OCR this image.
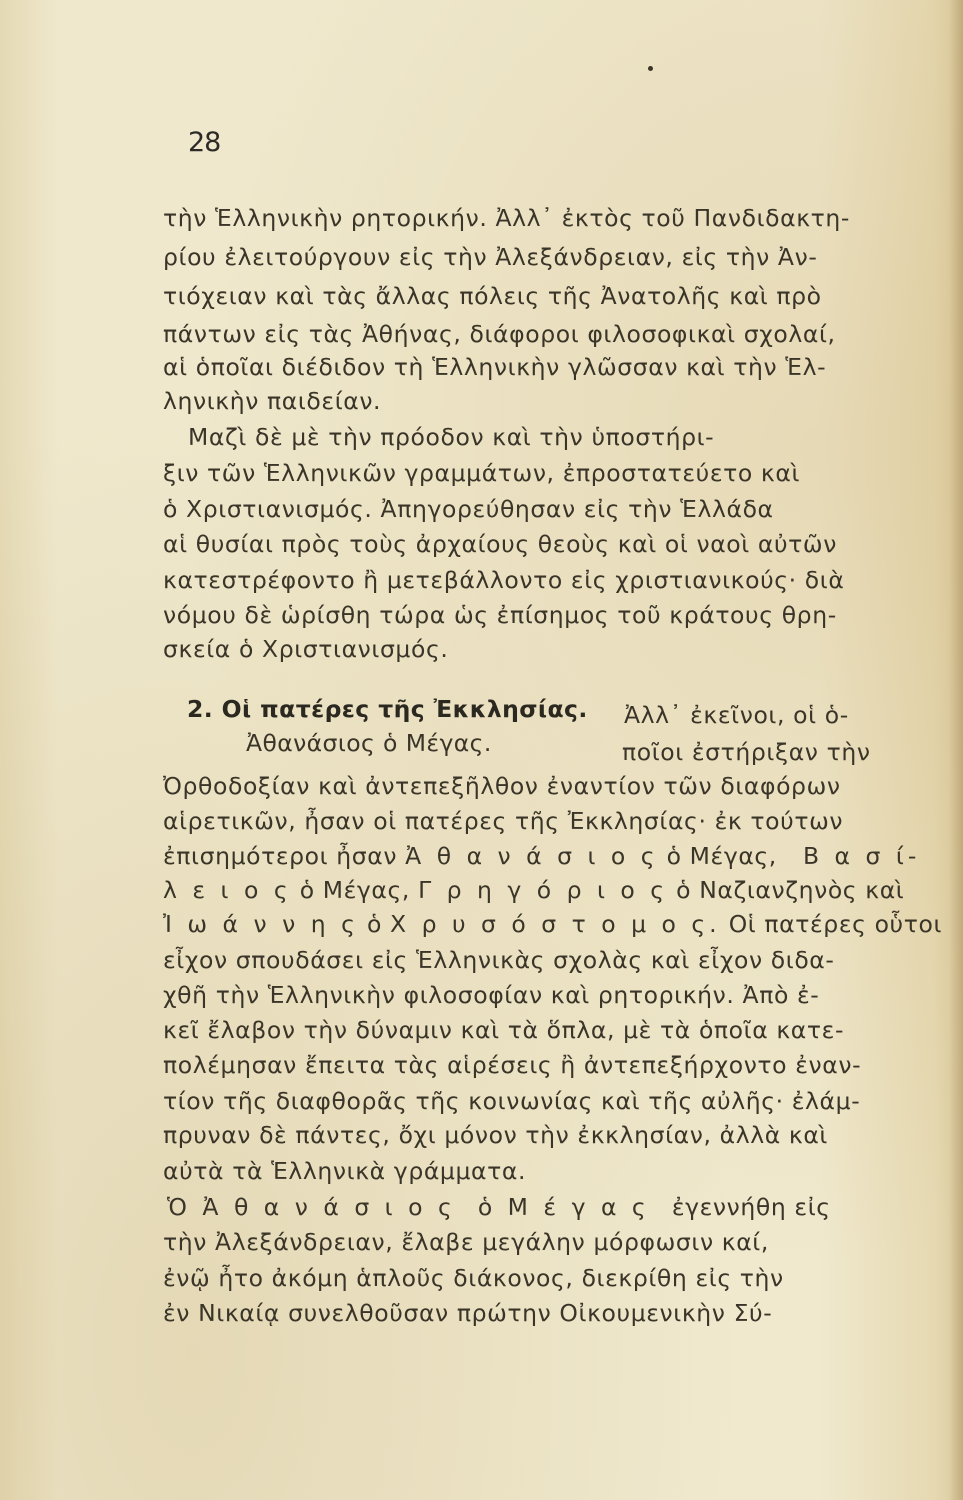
28
τὴν Ἑλληνικὴν ρητορικήν. Ἀλλ᾽ ἐκτὸς τοῦ Πανδιδακτη-
ρίου ἐλειτούργουν εἰς τὴν Ἀλεξάνδρειαν, εἰς τὴν Ἀν-
τιόχειαν καὶ τὰς ἄλλας πόλεις τῆς Ἀνατολῆς καὶ πρὸ
πάντων εἰς τὰς Ἀθήνας, διάφοροι φιλοσοφικαὶ σχολαί,
αἱ ὁποῖαι διέδιδον τὴ Ἑλληνικὴν γλῶσσαν καὶ τὴν Ἑλ-
ληνικὴν παιδείαν.
Μαζὶ δὲ μὲ τὴν πρόοδον καὶ τὴν ὑποστήρι-
ξιν τῶν Ἑλληνικῶν γραμμάτων, ἐπροστατεύετο καὶ
ὁ Χριστιανισμός. Ἀπηγορεύθησαν εἰς τὴν Ἑλλάδα
αἱ θυσίαι πρὸς τοὺς ἀρχαίους θεοὺς καὶ οἱ ναοὶ αὐτῶν
κατεστρέφοντο ἢ μετεβάλλοντο εἰς χριστιανικούς· διὰ
νόμου δὲ ὡρίσθη τώρα ὡς ἐπίσημος τοῦ κράτους θρη-
σκεία ὁ Χριστιανισμός.
2. Οἱ πατέρες τῆς Ἐκκλησίας. Ἀλλ᾽ ἐκεῖνοι, οἱ ὁ-
Ἀθανάσιος ὁ Μέγας.	ποῖοι ἐστήριξαν τὴν
Ὀρθοδοξίαν καὶ ἀντεπεξῆλθον ἐναντίον τῶν διαφόρων
αἱρετικῶν, ἦσαν οἱ πατέρες τῆς Ἐκκλησίας· ἐκ τούτων
ἐπισημότεροι ἦσαν Ἀ θ α ν ά σ ι ο ς ὁ Μέγας, Β α σ ί-
λ ε ι ο ς ὁ Μέγας, Γ ρ η γ ό ρ ι ο ς ὁ Ναζιανζηνὸς καὶ
Ἰ ω ά ν ν η ς ὁ Χ ρ υ σ ό σ τ ο μ ο ς. Οἱ πατέρες οὗτοι
εἶχον σπουδάσει εἰς Ἑλληνικὰς σχολὰς καὶ εἶχον διδα-
χθῆ τὴν Ἑλληνικὴν φιλοσοφίαν καὶ ρητορικήν. Ἀπὸ ἐ-
κεῖ ἔλαβον τὴν δύναμιν καὶ τὰ ὅπλα, μὲ τὰ ὁποῖα κατε-
πολέμησαν ἔπειτα τὰς αἱρέσεις ἢ ἀντεπεξήρχοντο ἐναν-
τίον τῆς διαφθορᾶς τῆς κοινωνίας καὶ τῆς αὐλῆς· ἐλάμ-
πρυναν δὲ πάντες, ὄχι μόνον τὴν ἐκκλησίαν, ἀλλὰ καὶ
αὐτὰ τὰ Ἑλληνικὰ γράμματα.
Ὁ Ἀ θ α ν ά σ ι ο ς ὁ Μ έ γ α ς ἐγεννήθη εἰς
τὴν Ἀλεξάνδρειαν, ἔλαβε μεγάλην μόρφωσιν καί,
ἐνῷ ἦτο ἀκόμη ἁπλοῦς διάκονος, διεκρίθη εἰς τὴν
ἐν Νικαίᾳ συνελθοῦσαν πρώτην Οἰκουμενικὴν Σύ-
